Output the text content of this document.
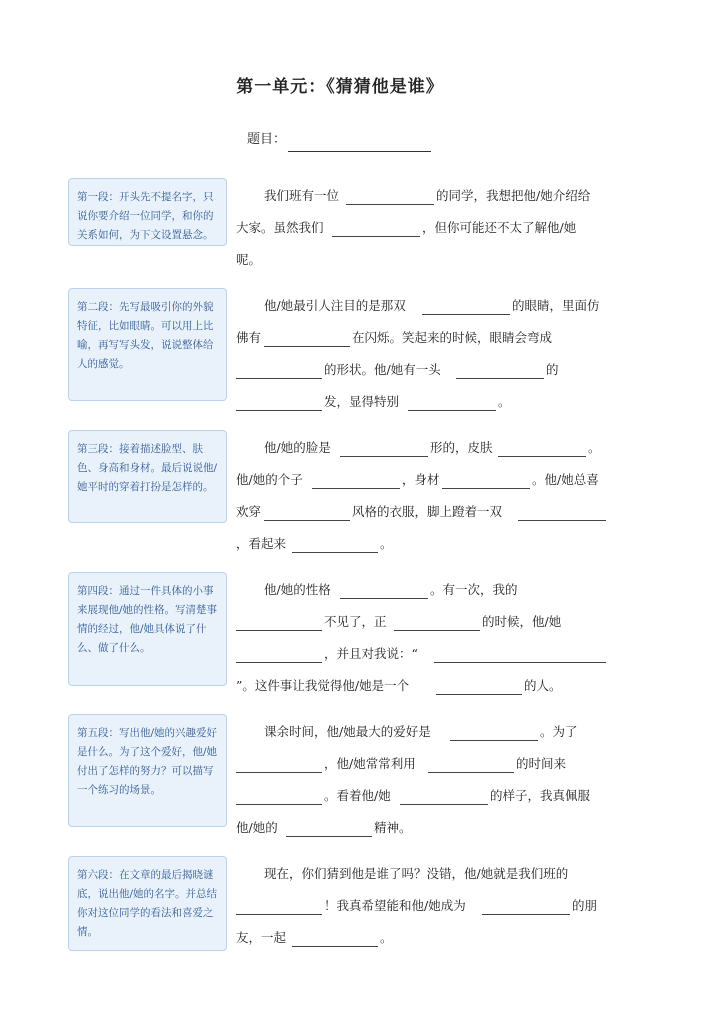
第一单元：《猜猜他是谁》
题目：
第一段：开头先不提名字，只说你要介绍一位同学，和你的关系如何，为下文设置悬念。
第二段：先写最吸引你的外貌特征，比如眼睛。可以用上比喻，再写写头发，说说整体给人的感觉。
第三段：接着描述脸型、肤色、身高和身材。最后说说他/她平时的穿着打扮是怎样的。
第四段：通过一件具体的小事来展现他/她的性格。写清楚事情的经过，他/她具体说了什么、做了什么。
第五段：写出他/她的兴趣爱好是什么。为了这个爱好，他/她付出了怎样的努力？可以描写一个练习的场景。
第六段：在文章的最后揭晓谜底，说出他/她的名字。并总结你对这位同学的看法和喜爱之情。
我们班有一位	的同学，我想把他/她介绍给
大家。虽然我们	，但你可能还不太了解他/她
呢。
他/她最引人注目的是那双	的眼睛，里面仿
佛有	在闪烁。笑起来的时候，眼睛会弯成
的形状。他/她有一头	的
发，显得特别	。
他/她的脸是	形的，皮肤	。
他/她的个子	，身材	。他/她总喜
欢穿	风格的衣服，脚上蹬着一双
，看起来	。
他/她的性格	。有一次，我的
不见了，正	的时候，他/她
，并且对我说：“
”。这件事让我觉得他/她是一个	的人。
课余时间，他/她最大的爱好是	。为了
，他/她常常利用	的时间来
。看着他/她	的样子，我真佩服
他/她的	精神。
现在，你们猜到他是谁了吗？没错，他/她就是我们班的
！我真希望能和他/她成为	的朋
友，一起	。
